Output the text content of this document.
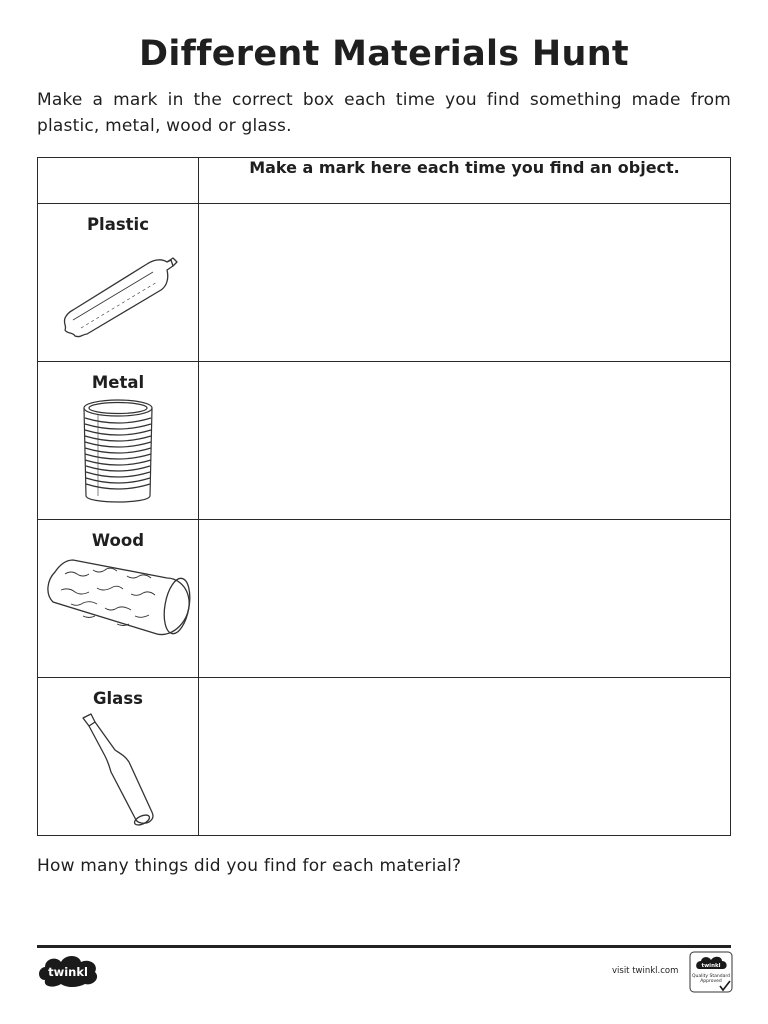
Different Materials Hunt

Make a mark in the correct box each time you find something made from plastic, metal, wood or glass.

	Make a mark here each time you find an object.

Plastic	

Metal	

Wood	

Glass	

How many things did you find for each material?

twinkl	visit twinkl.com	twinkl
Quality Standard Approved
